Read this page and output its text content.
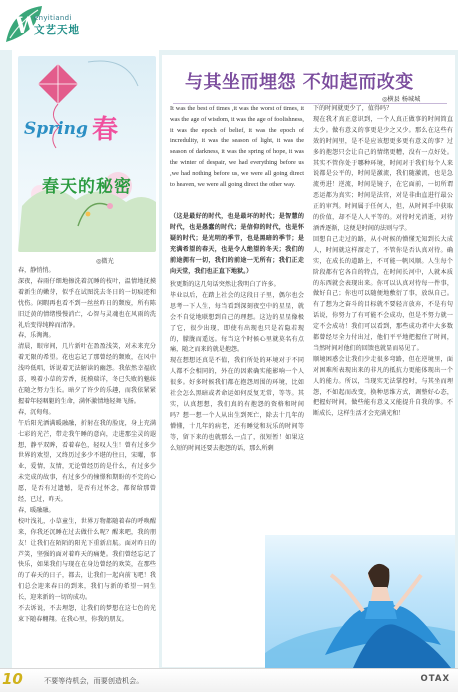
W
enyitiandi
文艺天地
Spring 春
春天的秘密
◎微光
春，静悄悄。
深夜，春雨仔细地擦洗着沉睡的枝叶，温情地抚摸着新生的嫩芽，似乎在试图洗去冬日的一切痕迹和忧伤。闲暇再也看不到一丝丝昨日的颓废，所有陈旧迁黄的情绪慢慢消亡，心智与灵魂也在风雨的洗礼后变得纯粹而清净。
春，乐淘淘。
清晨，眼帘间，几片新叶在盈盈浅笑，对未来充分着无限的希望。花也忘记了那曾经的颓败，在风中浅吟低唱，诉说着无法解读的幽怨。我依然幸福欣喜，嗅着小草的芳香，抚摸瑞详，冬已失败的魅妹在随之努力生长。暗夕了许少的乐趣，而我依紧紧握着年轻咽躯的生命，满怀激情地轻舞飞扬。
春，沉甸甸。
午后阳光洒满暖融融，折射在我的脸庞，身上充满七彩的光芒，带走我午睡的意向，走进那尘灵的遐想，静平双眸，看着春色，轻叹人生！曾有过多少世界的欢望，又终历过多少不堪的往日，宋曜，事业，爱情，友情，无论曾经历的是什么，有过多少未完成的故事，有过多少的憧憬和期盼的不完的心愿，是否有过遗憾，是否有过怀念，都留给那曾经，已过，昨天。
春，暖融融。
校叶浅礼，小草童生，世界万物都随着春的呼唤醒来，你我还沉睡在过去做什么呢？醒来吧，我的朋友！让我们在陌陌的阳光下重新启航。面对昨日的芦笑，坚强的面对着昨天的痛楚。我们曾经忘记了快乐，如果我们与现在在身边曾经的欢笑，在那些的了春天的日子，都去，让我们一起向前飞吧！我们总会迎来春日的到来，我们与新的希望一同生长，迎来新的一切的成功。
不去诉说，不去埋怨，让我们的梦想在这七色的光束下随春翱翔。在我心里，你我的朋友。
与其坐而埋怨 不如起而改变
◎横县 杨城城
It was the best of times ,it was the worst of times, it was the age of wisdom, it was the age of foolishness, it was the epoch of belief, it was the epoch of incredulity, it was the season of light, it was the season of darkness, it was the spring of hope, it was the winter of despair, we had everything before us ,we had nothing before us, we were all going direct to heaven, we were all going direct the other way.
（这是最好的时代，也是最坏的时代；是智慧的时代，也是愚蠢的时代；是信仰的时代，也是怀疑的时代；是光明的季节，也是黑暗的季节；是充满希望的春天，也是令人绝望的冬天；我们的前途拥有一切，我们的前途一无所有；我们正走向天堂，我们也正直下地狱。）
狄更斯的这几句话突然让我明白了许多。
毕业以后，在踏上社会的这段日子里，偶尔也会思考一下人生，每当看到深刻夜空中的星星，就会不自觉地联想到自己的理想。这边的星星像极了它，很少出现，即使有出现也只是若隐若现的，朦胧而遥远。每当这个时候心里就莫名有点痛，随之而来的就是抱怨。
现在想想还真是不值，我们所处的环境对于不同人都不会相同的，外在的因素确实能影响一个人很多。好多时候我们都在抱怨周围的环境，比如社会怎么黑暗或者命运如何反复无常，等等。其实，认真想想，我们真的有抱怨的资格和时间吗？想一想一个人从出生到死亡，除去十几年的懵懂，十几年的病老，还有睡觉和玩乐的时间等等，留下来的也就那么一点了，很短暂！如果这么短的时间还要去抱怨的话，那么所剩
下的时间就更少了，值得吗？
现在我才真正意识到，一个人真正做事的时间简直太少。做有意义的事更是少之又少。那么在这些有效的时间里，是不是应该想更多更有意义的事？过多的抱怨只会让自己的情绪更糟，没有一点好处。其实不管你处于哪种环境，时间对于我们每个人来说都是公平的，时间是激流，我们随激流，也是急流勇进！逆流，时间是镜子，在它面前，一切所谓恶运都为真实；时间是法官，对是非曲直进行最公正的审判。时间属于任何人，但，从时间手中获取的价值，却不是人人平等的。对待时光消逝，对待酒香逐渐，这便是时间的法则与学。
回想自己走过的路，从小时候的懵懂无知到长大成人，时间就这样溜走了，不管你是否认真对待。确实，在成长的道路上，不可能一帆风顺。人生每个阶段都有它各自的特点，在时间长河中，人就本质的东西就会表现出来。你可以认真对待每一件事，做好自己；你也可以随便地敷衍了事，放纵自己。有了想为之奋斗的目标就不要轻言放弃，不是有句话说，你努力了有可能不会成功，但是不努力就一定不会成功！我们可以看到，那些成功者中大多数都曾经尽全力付出过，他们平平地把握住了时间，当然时间对他们的回馈也就显而易见了。
顺境困惑会让我们少走很多弯路，但在逆境里，面对困难所表现出来的非凡的抵抗力更能体现出一个人的能力。所以，当现实无法掌控时，与其坐而埋怨，不如起而改变，换种思维方式，调整好心态，把握好时间，做些能有意义又能提升自我的事。不断成长，这样生活才会充满光和！
10	不要等待机会，而要创造机会。	OTAX
